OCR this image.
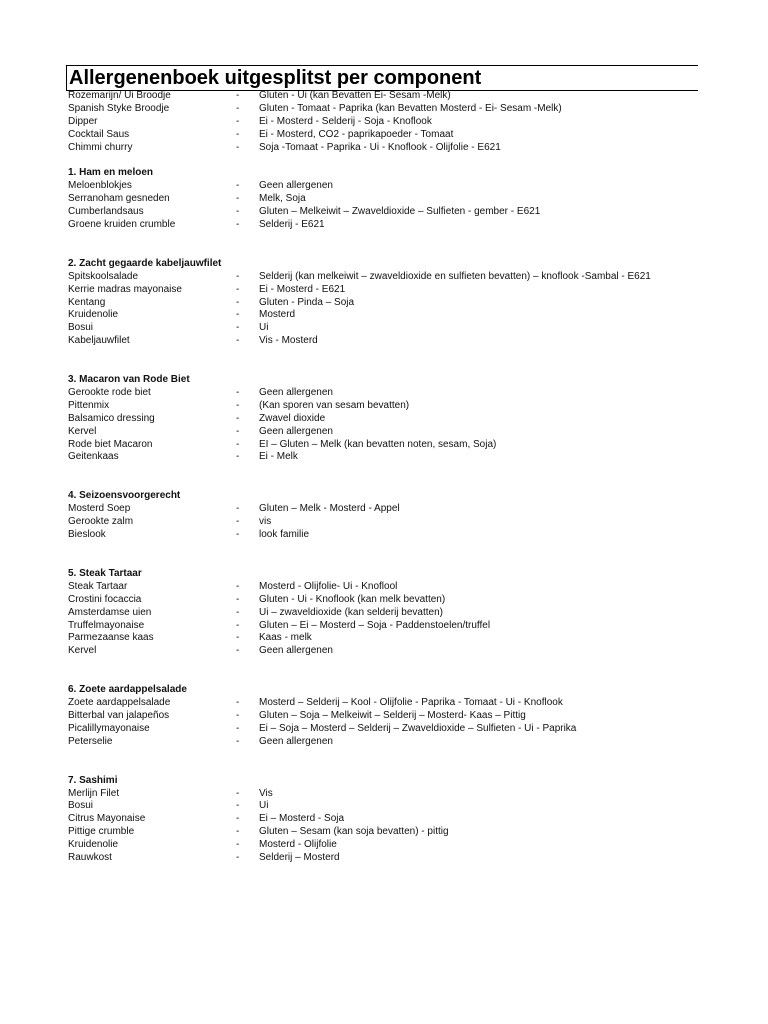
Allergenenboek uitgesplitst per component
Rozemarijn/ Ui Broodje	-	Gluten - Ui (kan Bevatten Ei- Sesam -Melk)
Spanish Styke Broodje	-	Gluten - Tomaat - Paprika (kan Bevatten Mosterd - Ei- Sesam -Melk)
Dipper	-	Ei - Mosterd - Selderij - Soja - Knoflook
Cocktail Saus	-	Ei - Mosterd, CO2 - paprikapoeder - Tomaat
Chimmi churry	-	Soja -Tomaat - Paprika - Ui - Knoflook - Olijfolie - E621
1. Ham en meloen
Meloenblokjes	-	Geen allergenen
Serranoham gesneden	-	Melk, Soja
Cumberlandsaus	-	Gluten – Melkeiwit – Zwaveldioxide – Sulfieten - gember - E621
Groene kruiden crumble	-	Selderij - E621
2. Zacht gegaarde kabeljauwfilet
Spitskoolsalade	-	Selderij (kan melkeiwit – zwaveldioxide en sulfieten bevatten) – knoflook -Sambal - E621
Kerrie madras mayonaise	-	Ei - Mosterd - E621
Kentang	-	Gluten - Pinda – Soja
Kruidenolie	-	Mosterd
Bosui	-	Ui
Kabeljauwfilet	-	Vis - Mosterd
3. Macaron van Rode Biet
Gerookte rode biet	-	Geen allergenen
Pittenmix	-	(Kan sporen van sesam bevatten)
Balsamico dressing	-	Zwavel dioxide
Kervel	-	Geen allergenen
Rode biet Macaron	-	EI – Gluten – Melk (kan bevatten noten, sesam, Soja)
Geitenkaas	-	Ei - Melk
4. Seizoensvoorgerecht
Mosterd Soep	-	Gluten – Melk - Mosterd - Appel
Gerookte zalm	-	vis
Bieslook	-	look familie
5. Steak Tartaar
Steak Tartaar	-	Mosterd - Olijfolie- Ui - Knoflool
Crostini focaccia	-	Gluten - Ui - Knoflook (kan melk bevatten)
Amsterdamse uien	-	Ui – zwaveldioxide (kan selderij bevatten)
Truffelmayonaise	-	Gluten – Ei – Mosterd – Soja - Paddenstoelen/truffel
Parmezaanse kaas	-	Kaas - melk
Kervel	-	Geen allergenen
6. Zoete aardappelsalade
Zoete aardappelsalade	-	Mosterd – Selderij – Kool - Olijfolie - Paprika - Tomaat - Ui - Knoflook
Bitterbal van jalapeños	-	Gluten – Soja – Melkeiwit – Selderij – Mosterd- Kaas – Pittig
Picalillymayonaise	-	Ei – Soja – Mosterd – Selderij – Zwaveldioxide – Sulfieten - Ui - Paprika
Peterselie	-	Geen allergenen
7. Sashimi
Merlijn Filet	-	Vis
Bosui	-	Ui
Citrus Mayonaise	-	Ei – Mosterd - Soja
Pittige crumble	-	Gluten – Sesam (kan soja bevatten) - pittig
Kruidenolie	-	Mosterd - Olijfolie
Rauwkost	-	Selderij – Mosterd
